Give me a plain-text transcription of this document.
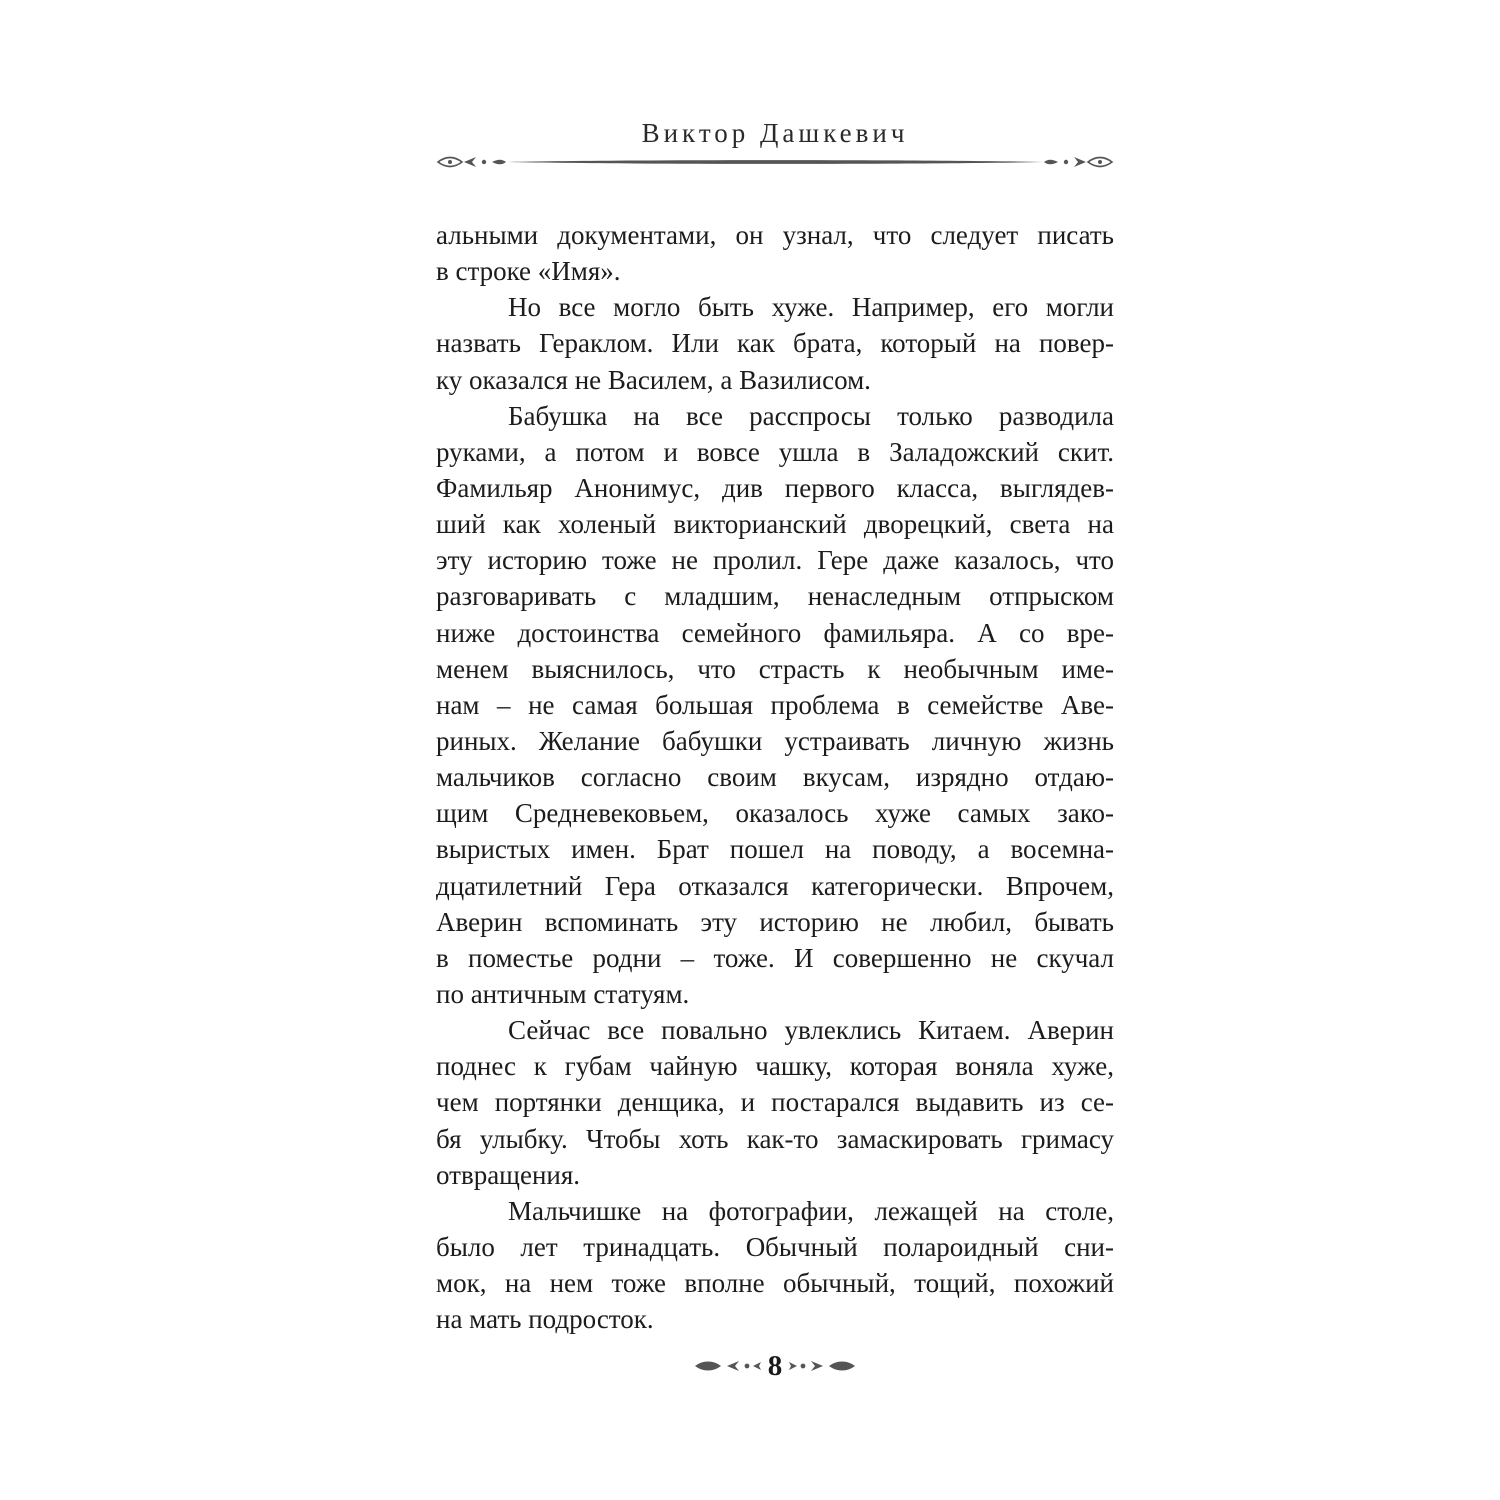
Виктор Дашкевич
альными документами, он узнал, что следует писать
в строке «Имя».
Но все могло быть хуже. Например, его могли
назвать Гераклом. Или как брата, который на повер-
ку оказался не Василем, а Вазилисом.
Бабушка на все расспросы только разводила
руками, а потом и вовсе ушла в Заладожский скит.
Фамильяр Анонимус, див первого класса, выглядев-
ший как холеный викторианский дворецкий, света на
эту историю тоже не пролил. Гере даже казалось, что
разговаривать с младшим, ненаследным отпрыском
ниже достоинства семейного фамильяра. А со вре-
менем выяснилось, что страсть к необычным име-
нам – не самая большая проблема в семействе Аве-
риных. Желание бабушки устраивать личную жизнь
мальчиков согласно своим вкусам, изрядно отдаю-
щим Средневековьем, оказалось хуже самых зако-
выристых имен. Брат пошел на поводу, а восемна-
дцатилетний Гера отказался категорически. Впрочем,
Аверин вспоминать эту историю не любил, бывать
в поместье родни – тоже. И совершенно не скучал
по античным статуям.
Сейчас все повально увлеклись Китаем. Аверин
поднес к губам чайную чашку, которая воняла хуже,
чем портянки денщика, и постарался выдавить из се-
бя улыбку. Чтобы хоть как-то замаскировать гримасу
отвращения.
Мальчишке на фотографии, лежащей на столе,
было лет тринадцать. Обычный полароидный сни-
мок, на нем тоже вполне обычный, тощий, похожий
на мать подросток.
8
